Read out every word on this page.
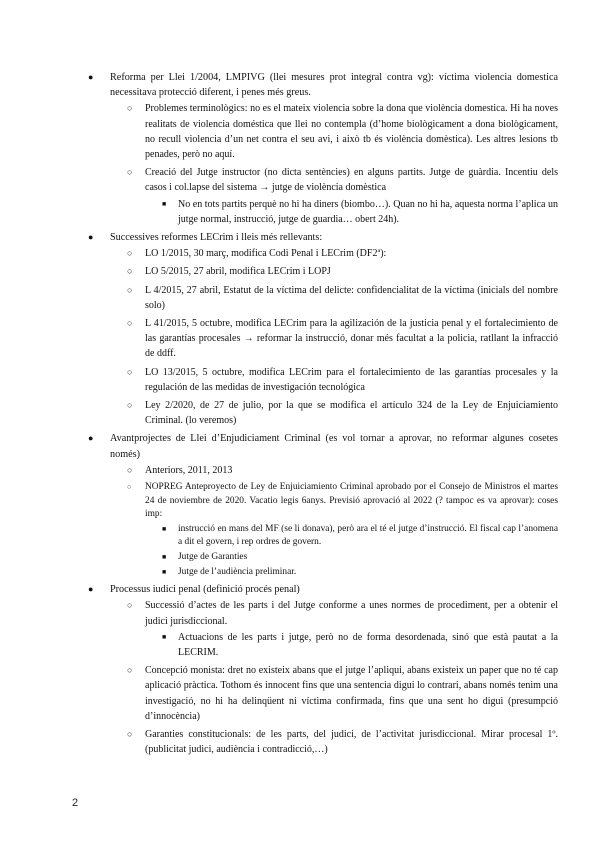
● Reforma per Llei 1/2004, LMPIVG (llei mesures prot integral contra vg): víctima violencia domestica necessitava protecció diferent, i penes més greus.
○ Problemes terminològics: no es el mateix violencia sobre la dona que violència domestica. Hi ha noves realitats de violencia doméstica que llei no contempla (d’home biològicament a dona biològicament, no recull violencia d’un net contra el seu avi, i això tb és violència domèstica). Les altres lesions tb penades, però no aquí.
○ Creació del Jutge instructor (no dicta sentències) en alguns partits. Jutge de guàrdia. Incentiu dels casos i col.lapse del sistema → jutge de violència domèstica
■ No en tots partits perquè no hi ha diners (biombo…). Quan no hi ha, aquesta norma l’aplica un jutge normal, instrucció, jutge de guardia… obert 24h).
● Successives reformes LECrim i lleis més rellevants:
○ LO 1/2015, 30 març, modifica Codi Penal i LECrim (DF2ª):
○ LO 5/2015, 27 abril, modifica LECrim i LOPJ
○ L 4/2015, 27 abril, Estatut de la víctima del delicte: confidencialitat de la víctima (inicials del nombre solo)
○ L 41/2015, 5 octubre, modifica LECrim para la agilización de la justicia penal y el fortalecimiento de las garantías procesales → reformar la instrucció, donar més facultat a la policia, ratllant la infracció de ddff.
○ LO 13/2015, 5 octubre, modifica LECrim para el fortalecimiento de las garantías procesales y la regulación de las medidas de investigación tecnológica
○ Ley 2/2020, de 27 de julio, por la que se modifica el artículo 324 de la Ley de Enjuiciamiento Criminal. (lo veremos)
● Avantprojectes de Llei d’Enjudiciament Criminal (es vol tornar a aprovar, no reformar algunes cosetes només)
○ Anteriors, 2011, 2013
○ NOPREG Anteproyecto de Ley de Enjuiciamiento Criminal aprobado por el Consejo de Ministros el martes 24 de noviembre de 2020. Vacatio legis 6anys. Previsió aprovació al 2022 (? tampoc es va aprovar): coses imp:
■ instrucció en mans del MF (se li donava), però ara el té el jutge d’instrucció. El fiscal cap l’anomena a dit el govern, i rep ordres de govern.
■ Jutge de Garanties
■ Jutge de l’audiència preliminar.
● Processus iudici penal (definició procés penal)
○ Successió d’actes de les parts i del Jutge conforme a unes normes de procediment, per a obtenir el judici jurisdiccional.
■ Actuacions de les parts i jutge, però no de forma desordenada, sinó que està pautat a la LECRIM.
○ Concepció monista: dret no existeix abans que el jutge l’apliqui, abans existeix un paper que no té cap aplicació pràctica. Tothom és innocent fins que una sentencia digui lo contrari, abans només tenim una investigació, no hi ha delinqüent ni víctima confirmada, fins que una sent ho digui (presumpció d’innocència)
○ Garanties constitucionals: de les parts, del judici, de l’activitat jurisdiccional. Mirar procesal 1º. (publicitat judici, audiència i contradicció,…)
2
